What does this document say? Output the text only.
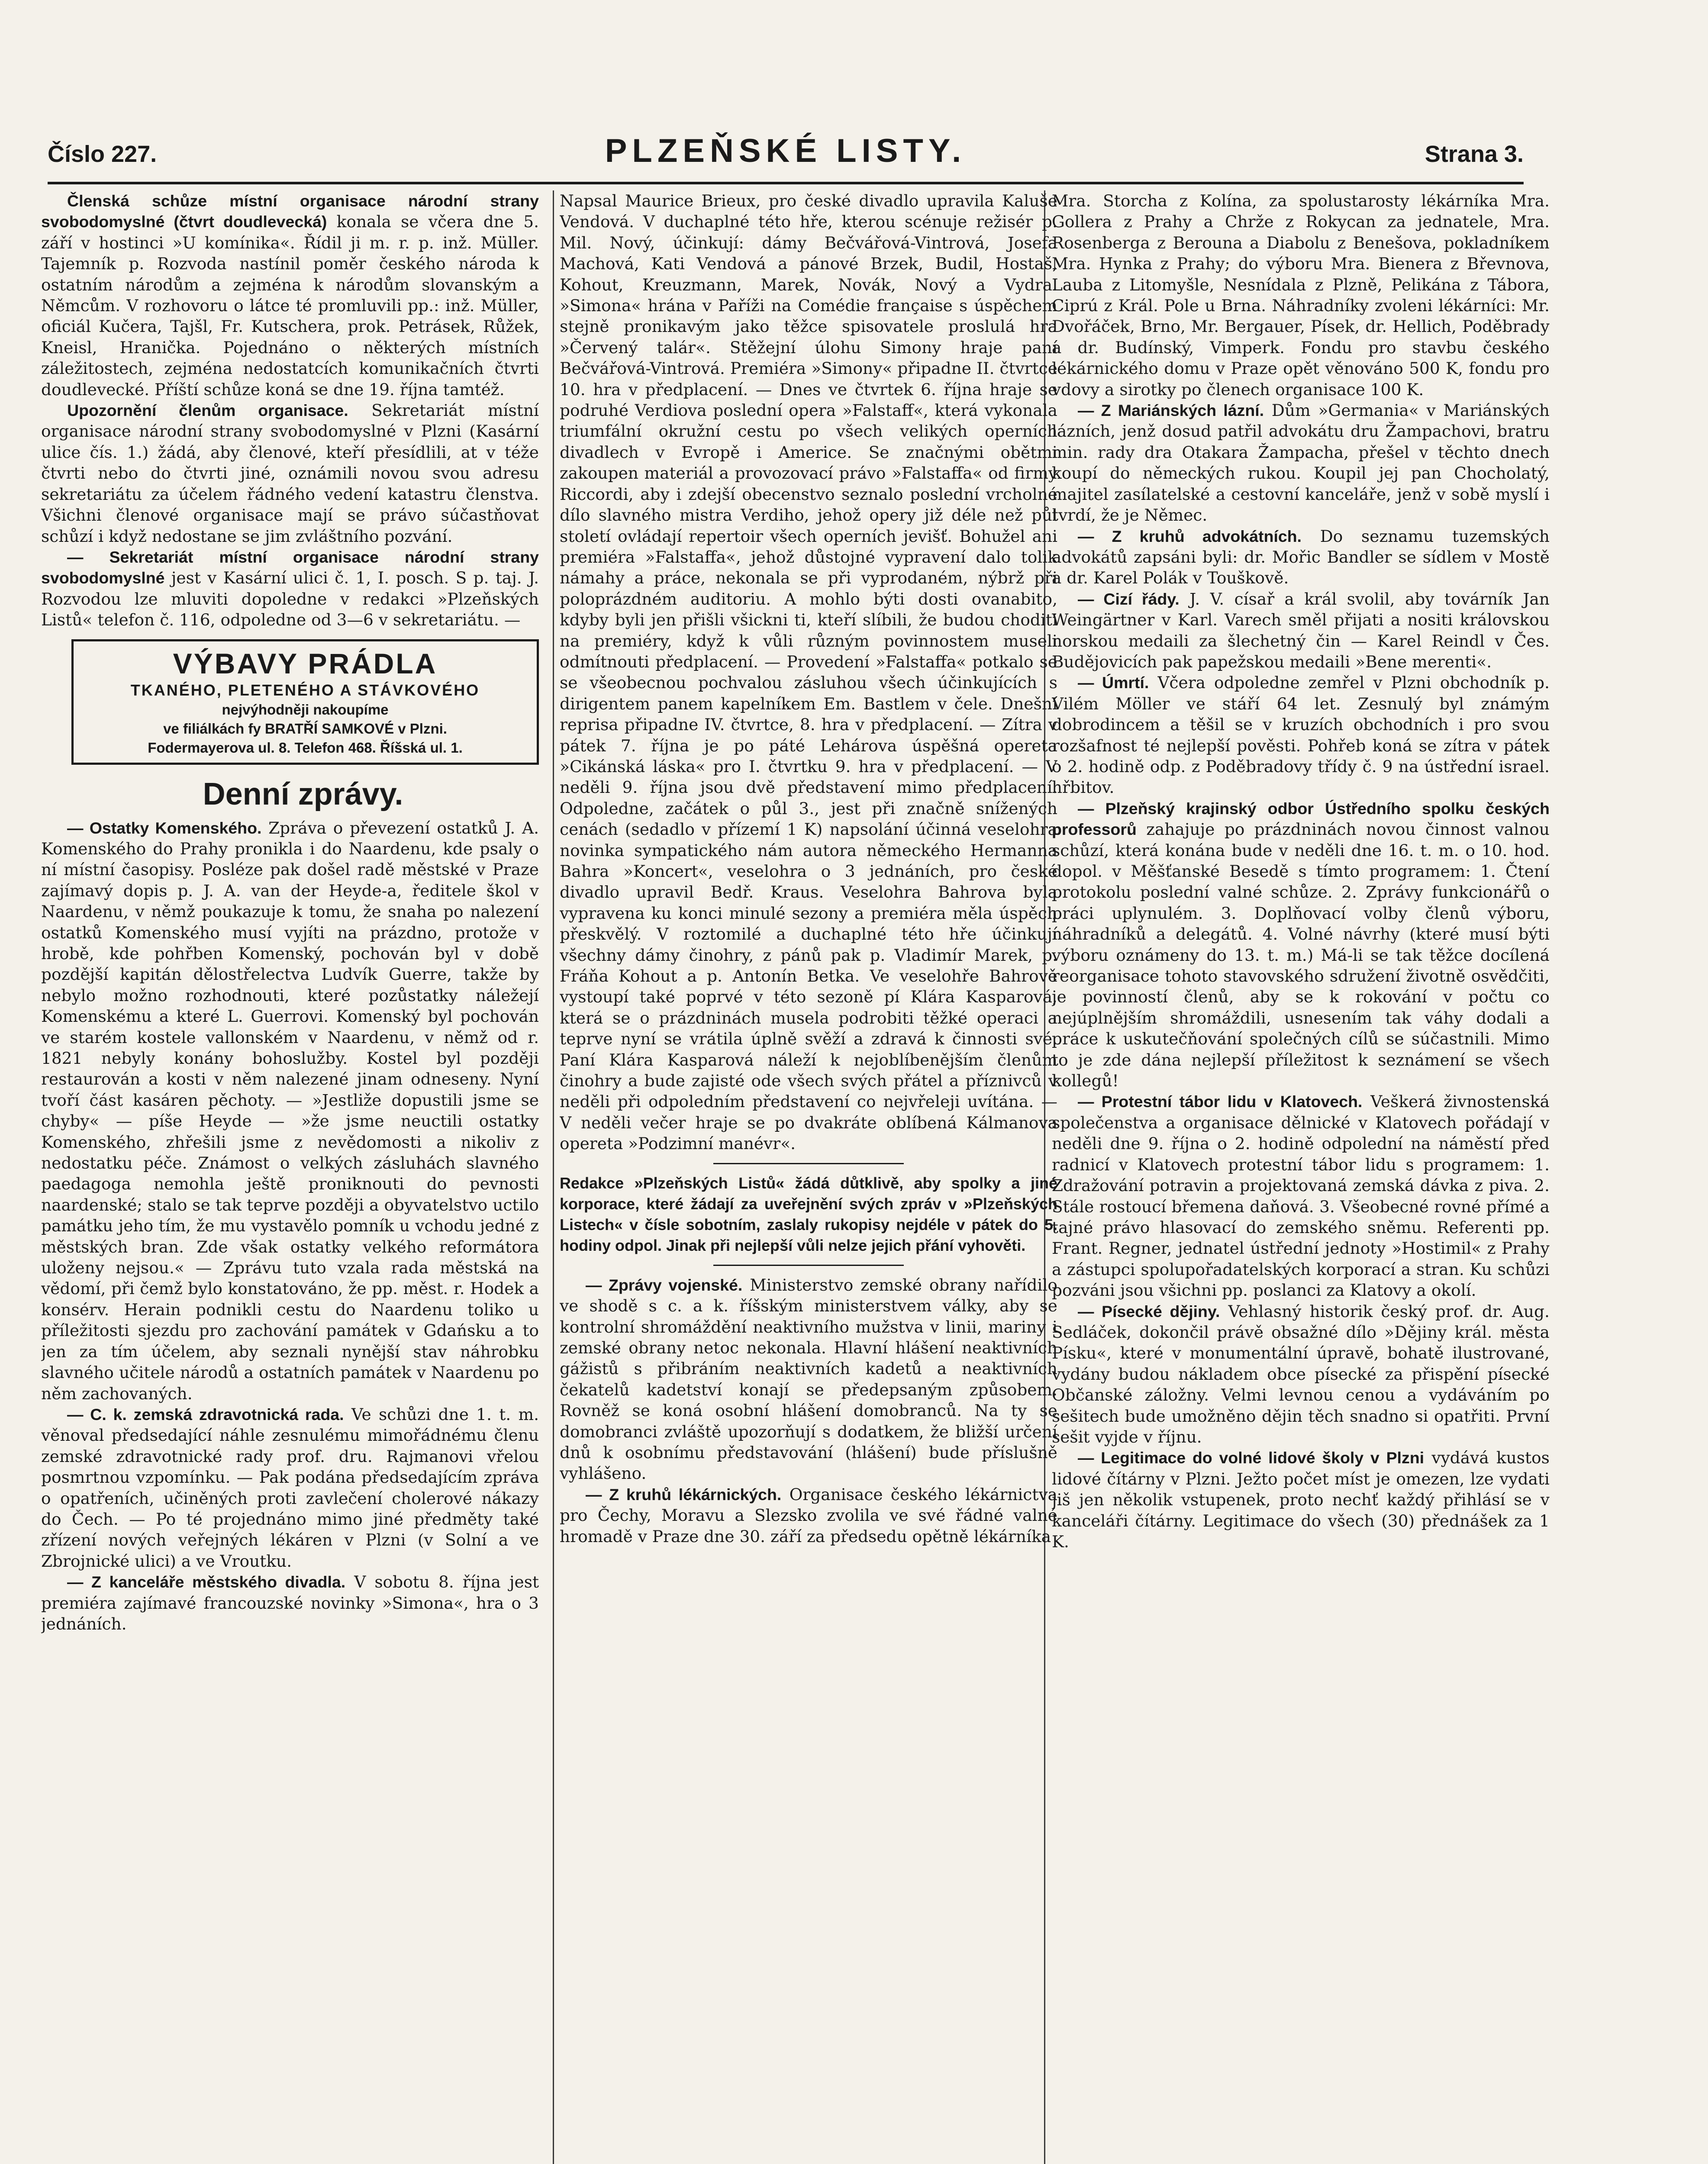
Číslo 227.	PLZEŇSKÉ LISTY.	Strana 3.

Členská schůze místní organisace národní strany svobodomyslné (čtvrt doudlevecká) konala se včera dne 5. září v hostinci »U komínika«. Řídil ji m. r. p. inž. Müller. Tajemník p. Rozvoda nastínil poměr českého národa k ostatním národům a zejména k národům slovanským a Němcům. V rozhovoru o látce té promluvili pp.: inž. Müller, oficiál Kučera, Tajšl, Fr. Kutschera, prok. Petrásek, Růžek, Kneisl, Hranička. Pojednáno o některých místních záležitostech, zejména nedostatcích komunikačních čtvrti doudlevecké. Příští schůze koná se dne 19. října tamtéž.

Upozornění členům organisace. Sekretariát místní organisace národní strany svobodomyslné v Plzni (Kasární ulice čís. 1.) žádá, aby členové, kteří přesídlili, at v téže čtvrti nebo do čtvrti jiné, oznámili novou svou adresu sekretariátu za účelem řádného vedení katastru členstva. Všichni členové organisace mají se právo súčastňovat schůzí i když nedostane se jim zvláštního pozvání.

— Sekretariát místní organisace národní strany svobodomyslné jest v Kasární ulici č. 1, I. posch. S p. taj. J. Rozvodou lze mluviti dopoledne v redakci »Plzeňských Listů« telefon č. 116, odpoledne od 3—6 v sekretariátu. —

VÝBAVY PRÁDLA
TKANÉHO, PLETENÉHO A STÁVKOVÉHO
nejvýhodněji nakoupíme
ve filiálkách fy BRATŘÍ SAMKOVÉ v Plzni.
Fodermayerova ul. 8. Telefon 468. Říšská ul. 1.
Denní zprávy.

— Ostatky Komenského. Zpráva o převezení ostatků J. A. Komenského do Prahy pronikla i do Naardenu, kde psaly o ní místní časopisy. Posléze pak došel radě městské v Praze zajímavý dopis p. J. A. van der Heyde-a, ředitele škol v Naardenu, v němž poukazuje k tomu, že snaha po nalezení ostatků Komenského musí vyjíti na prázdno, protože v hrobě, kde pohřben Komenský, pochován byl v době pozdější kapitán dělostřelectva Ludvík Guerre, takže by nebylo možno rozhodnouti, které pozůstatky náležejí Komenskému a které L. Guerrovi. Komenský byl pochován ve starém kostele vallonském v Naardenu, v němž od r. 1821 nebyly konány bohoslužby. Kostel byl později restaurován a kosti v něm nalezené jinam odneseny. Nyní tvoří část kasáren pěchoty. — »Jestliže dopustili jsme se chyby« — píše Heyde — »že jsme neuctili ostatky Komenského, zhřešili jsme z nevědomosti a nikoliv z nedostatku péče. Známost o velkých zásluhách slavného paedagoga nemohla ještě proniknouti do pevnosti naardenské; stalo se tak teprve později a obyvatelstvo uctilo památku jeho tím, že mu vystavělo pomník u vchodu jedné z městských bran. Zde však ostatky velkého reformátora uloženy nejsou.« — Zprávu tuto vzala rada městská na vědomí, při čemž bylo konstatováno, že pp. měst. r. Hodek a konsérv. Herain podnikli cestu do Naardenu toliko u příležitosti sjezdu pro zachování památek v Gdańsku a to jen za tím účelem, aby seznali nynější stav náhrobku slavného učitele národů a ostatních památek v Naardenu po něm zachovaných.

— C. k. zemská zdravotnická rada. Ve schůzi dne 1. t. m. věnoval předsedající náhle zesnulému mimořádnému členu zemské zdravotnické rady prof. dru. Rajmanovi vřelou posmrtnou vzpomínku. — Pak podána předsedajícím zpráva o opatřeních, učiněných proti zavlečení cholerové nákazy do Čech. — Po té projednáno mimo jiné předměty také zřízení nových veřejných lékáren v Plzni (v Solní a ve Zbrojnické ulici) a ve Vroutku.

— Z kanceláře městského divadla. V sobotu 8. října jest premiéra zajímavé francouzské novinky »Simona«, hra o 3 jednáních.

Napsal Maurice Brieux, pro české divadlo upravila Kaluše Vendová. V duchaplné této hře, kterou scénuje režisér p. Mil. Nový, účinkují: dámy Bečvářová-Vintrová, Josefa Machová, Kati Vendová a pánové Brzek, Budil, Hostaš, Kohout, Kreuzmann, Marek, Novák, Nový a Vydra. »Simona« hrána v Paříži na Comédie française s úspěchem stejně pronikavým jako těžce spisovatele proslulá hra »Červený talár«. Stěžejní úlohu Simony hraje paní Bečvářová-Vintrová. Premiéra »Simony« připadne II. čtvrtce 10. hra v předplacení. — Dnes ve čtvrtek 6. října hraje se podruhé Verdiova poslední opera »Falstaff«, která vykonala triumfální okružní cestu po všech velikých operních divadlech v Evropě i Americe. Se značnými obětmi zakoupen materiál a provozovací právo »Falstaffa« od firmy Riccordi, aby i zdejší obecenstvo seznalo poslední vrcholné dílo slavného mistra Verdiho, jehož opery již déle než půl století ovládají repertoir všech operních jevišť. Bohužel ani premiéra »Falstaffa«, jehož důstojné vypravení dalo tolik námahy a práce, nekonala se při vyprodaném, nýbrž při poloprázdném auditoriu. A mohlo býti dosti ovanabito, kdyby byli jen přišli všickni ti, kteří slíbili, že budou choditi na premiéry, když k vůli různým povinnostem museli odmítnouti předplacení. — Provedení »Falstaffa« potkalo se se všeobecnou pochvalou zásluhou všech účinkujících s dirigentem panem kapelníkem Em. Bastlem v čele. Dnešní reprisa připadne IV. čtvrtce, 8. hra v předplacení. — Zítra v pátek 7. října je po páté Lehárova úspěšná opereta »Cikánská láska« pro I. čtvrtku 9. hra v předplacení. — V neděli 9. října jsou dvě představení mimo předplacení. Odpoledne, začátek o půl 3., jest při značně snížených cenách (sedadlo v přízemí 1 K) napsolání účinná veselohra novinka sympatického nám autora německého Hermanna Bahra »Koncert«, veselohra o 3 jednáních, pro české divadlo upravil Bedř. Kraus. Veselohra Bahrova byla vypravena ku konci minulé sezony a premiéra měla úspěch přeskvělý. V roztomilé a duchaplné této hře účinkují všechny dámy činohry, z pánů pak p. Vladimír Marek, p. Fráňa Kohout a p. Antonín Betka. Ve veselohře Bahrově vystoupí také poprvé v této sezoně pí Klára Kasparová, která se o prázdninách musela podrobiti těžké operaci a teprve nyní se vrátila úplně svěží a zdravá k činnosti své. Paní Klára Kasparová náleží k nejoblíbenějším členům činohry a bude zajisté ode všech svých přátel a příznivců v neděli při odpoledním představení co nejvřeleji uvítána. — V neděli večer hraje se po dvakráte oblíbená Kálmanova opereta »Podzimní manévr«.

Redakce »Plzeňských Listů« žádá důtklivě, aby spolky a jiné korporace, které žádají za uveřejnění svých zpráv v »Plzeňských Listech« v čísle sobotním, zaslaly rukopisy nejdéle v pátek do 5. hodiny odpol. Jinak při nejlepší vůli nelze jejich přání vyhověti.

— Zprávy vojenské. Ministerstvo zemské obrany nařídilo ve shodě s c. a k. říšským ministerstvem války, aby se kontrolní shromáždění neaktivního mužstva v linii, mariny i zemské obrany netoc nekonala. Hlavní hlášení neaktivních gážistů s přibráním neaktivních kadetů a neaktivních čekatelů kadetství konají se předepsaným způsobem. Rovněž se koná osobní hlášení domobranců. Na ty se domobranci zvláště upozorňují s dodatkem, že bližší určení dnů k osobnímu představování (hlášení) bude příslušně vyhlášeno.

— Z kruhů lékárnických. Organisace českého lékárnictva pro Čechy, Moravu a Slezsko zvolila ve své řádné valné hromadě v Praze dne 30. září za předsedu opětně lékárníka

Mra. Storcha z Kolína, za spolustarosty lékárníka Mra. Gollera z Prahy a Chrže z Rokycan za jednatele, Mra. Rosenberga z Berouna a Diabolu z Benešova, pokladníkem Mra. Hynka z Prahy; do výboru Mra. Bienera z Břevnova, Lauba z Litomyšle, Nesnídala z Plzně, Pelikána z Tábora, Ciprú z Král. Pole u Brna. Náhradníky zvoleni lékárníci: Mr. Dvořáček, Brno, Mr. Bergauer, Písek, dr. Hellich, Poděbrady a dr. Budínský, Vimperk. Fondu pro stavbu českého lékárnického domu v Praze opět věnováno 500 K, fondu pro vdovy a sirotky po členech organisace 100 K.

— Z Mariánských lázní. Dům »Germania« v Mariánských lázních, jenž dosud patřil advokátu dru Žampachovi, bratru min. rady dra Otakara Žampacha, přešel v těchto dnech koupí do německých rukou. Koupil jej pan Chocholatý, majitel zasílatelské a cestovní kanceláře, jenž v sobě myslí i tvrdí, že je Němec.

— Z kruhů advokátních. Do seznamu tuzemských advokátů zapsáni byli: dr. Mořic Bandler se sídlem v Mostě a dr. Karel Polák v Touškově.

— Cizí řády. J. V. císař a král svolil, aby továrník Jan Weingärtner v Karl. Varech směl přijati a nositi královskou norskou medaili za šlechetný čin — Karel Reindl v Čes. Budějovicích pak papežskou medaili »Bene merenti«.

— Úmrtí. Včera odpoledne zemřel v Plzni obchodník p. Vilém Möller ve stáří 64 let. Zesnulý byl známým dobrodincem a těšil se v kruzích obchodních i pro svou rozšafnost té nejlepší pověsti. Pohřeb koná se zítra v pátek o 2. hodině odp. z Poděbradovy třídy č. 9 na ústřední israel. hřbitov.

— Plzeňský krajinský odbor Ústředního spolku českých professorů zahajuje po prázdninách novou činnost valnou schůzí, která konána bude v neděli dne 16. t. m. o 10. hod. dopol. v Měšťanské Besedě s tímto programem: 1. Čtení protokolu poslední valné schůze. 2. Zprávy funkcionářů o práci uplynulém. 3. Doplňovací volby členů výboru, náhradníků a delegátů. 4. Volné návrhy (které musí býti výboru oznámeny do 13. t. m.) Má-li se tak těžce docílená reorganisace tohoto stavovského sdružení životně osvědčiti, je povinností členů, aby se k rokování v počtu co nejúplnějším shromáždili, usnesením tak váhy dodali a práce k uskutečňování společných cílů se súčastnili. Mimo to je zde dána nejlepší příležitost k seznámení se všech kollegů!

— Protestní tábor lidu v Klatovech. Veškerá živnostenská společenstva a organisace dělnické v Klatovech pořádají v neděli dne 9. října o 2. hodině odpolední na náměstí před radnicí v Klatovech protestní tábor lidu s programem: 1. Zdražování potravin a projektovaná zemská dávka z piva. 2. Stále rostoucí břemena daňová. 3. Všeobecné rovné přímé a tajné právo hlasovací do zemského sněmu. Referenti pp. Frant. Regner, jednatel ústřední jednoty »Hostimil« z Prahy a zástupci spolupořadatelských korporací a stran. Ku schůzi pozváni jsou všichni pp. poslanci za Klatovy a okolí.

— Písecké dějiny. Vehlasný historik český prof. dr. Aug. Sedláček, dokončil právě obsažné dílo »Dějiny král. města Písku«, které v monumentální úpravě, bohatě ilustrované, vydány budou nákladem obce písecké za přispění písecké Občanské záložny. Velmi levnou cenou a vydáváním po sešitech bude umožněno dějin těch snadno si opatřiti. První sešit vyjde v říjnu.

— Legitimace do volné lidové školy v Plzni vydává kustos lidové čítárny v Plzni. Ježto počet míst je omezen, lze vydati jiš jen několik vstupenek, proto nechť každý přihlásí se v kanceláři čítárny. Legitimace do všech (30) přednášek za 1 K.
